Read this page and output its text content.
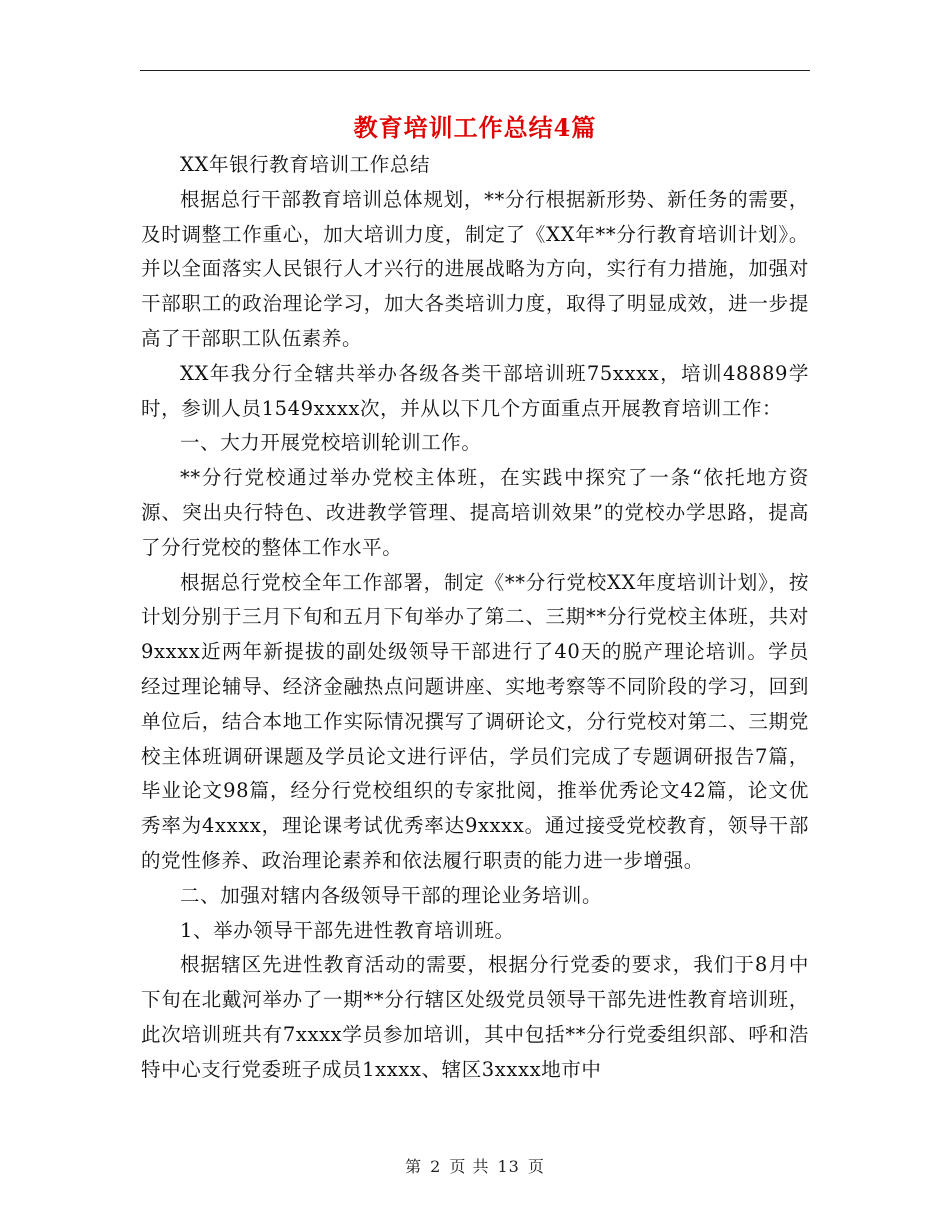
教育培训工作总结4篇

XX年银行教育培训工作总结

根据总行干部教育培训总体规划，**分行根据新形势、新任务的需要，及时调整工作重心，加大培训力度，制定了《XX年**分行教育培训计划》。并以全面落实人民银行人才兴行的进展战略为方向，实行有力措施，加强对干部职工的政治理论学习，加大各类培训力度，取得了明显成效，进一步提高了干部职工队伍素养。

XX年我分行全辖共举办各级各类干部培训班75xxxx，培训48889学时，参训人员1549xxxx次，并从以下几个方面重点开展教育培训工作：

一、大力开展党校培训轮训工作。

**分行党校通过举办党校主体班，在实践中探究了一条“依托地方资源、突出央行特色、改进教学管理、提高培训效果”的党校办学思路，提高了分行党校的整体工作水平。

根据总行党校全年工作部署，制定《**分行党校XX年度培训计划》，按计划分别于三月下旬和五月下旬举办了第二、三期**分行党校主体班，共对9xxxx近两年新提拔的副处级领导干部进行了40天的脱产理论培训。学员经过理论辅导、经济金融热点问题讲座、实地考察等不同阶段的学习，回到单位后，结合本地工作实际情况撰写了调研论文，分行党校对第二、三期党校主体班调研课题及学员论文进行评估，学员们完成了专题调研报告7篇，毕业论文98篇，经分行党校组织的专家批阅，推举优秀论文42篇，论文优秀率为4xxxx，理论课考试优秀率达9xxxx。通过接受党校教育，领导干部的党性修养、政治理论素养和依法履行职责的能力进一步增强。

二、加强对辖内各级领导干部的理论业务培训。

1、举办领导干部先进性教育培训班。

根据辖区先进性教育活动的需要，根据分行党委的要求，我们于8月中下旬在北戴河举办了一期**分行辖区处级党员领导干部先进性教育培训班，此次培训班共有7xxxx学员参加培训，其中包括**分行党委组织部、呼和浩特中心支行党委班子成员1xxxx、辖区3xxxx地市中

第 2 页 共 13 页
